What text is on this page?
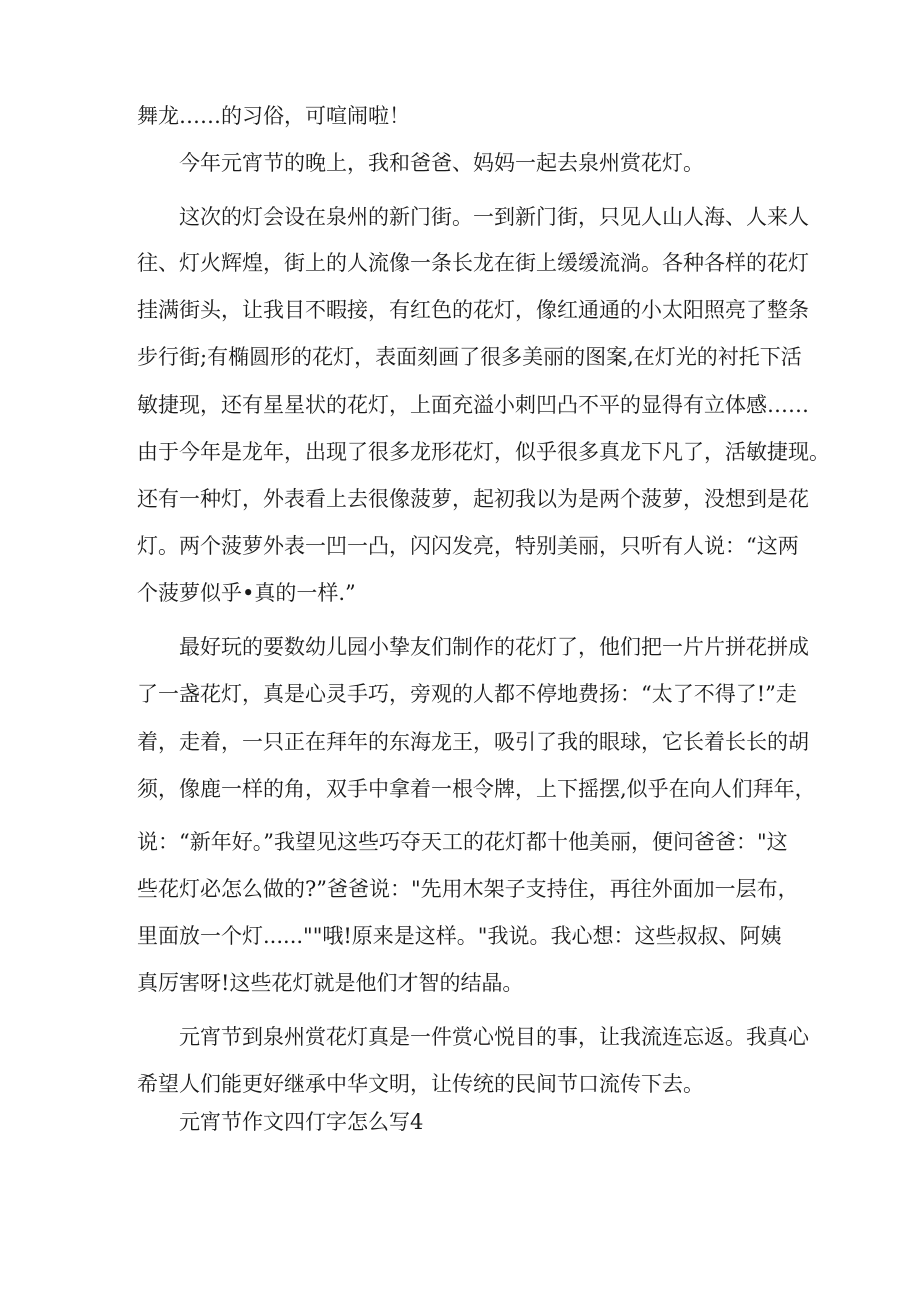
舞龙……的习俗，可喧闹啦！

今年元宵节的晚上，我和爸爸、妈妈一起去泉州赏花灯。

这次的灯会设在泉州的新门街。一到新门街，只见人山人海、人来人

往、灯火辉煌，街上的人流像一条长龙在街上缓缓流淌。各种各样的花灯

挂满街头，让我目不暇接，有红色的花灯，像红通通的小太阳照亮了整条

步行街;有椭圆形的花灯，表面刻画了很多美丽的图案,在灯光的衬托下活

敏捷现，还有星星状的花灯，上面充溢小刺凹凸不平的显得有立体感……

由于今年是龙年，出现了很多龙形花灯，似乎很多真龙下凡了，活敏捷现。

还有一种灯，外表看上去很像菠萝，起初我以为是两个菠萝，没想到是花

灯。两个菠萝外表一凹一凸，闪闪发亮，特别美丽，只听有人说：“这两

个菠萝似乎•真的一样.”

最好玩的要数幼儿园小挚友们制作的花灯了，他们把一片片拼花拼成

了一盏花灯，真是心灵手巧，旁观的人都不停地费扬：“太了不得了!”走

着，走着，一只正在拜年的东海龙王，吸引了我的眼球，它长着长长的胡

须，像鹿一样的角，双手中拿着一根令牌，上下摇摆,似乎在向人们拜年，

说：“新年好。”我望见这些巧夺天工的花灯都十他美丽，便问爸爸："这

些花灯必怎么做的?”爸爸说："先用木架子支持住，再往外面加一层布，

里面放一个灯......""哦!原来是这样。"我说。我心想：这些叔叔、阿姨

真厉害呀!这些花灯就是他们才智的结晶。

元宵节到泉州赏花灯真是一件赏心悦目的事，让我流连忘返。我真心

希望人们能更好继承中华文明，让传统的民间节口流传下去。

元宵节作文四仃字怎么写4
